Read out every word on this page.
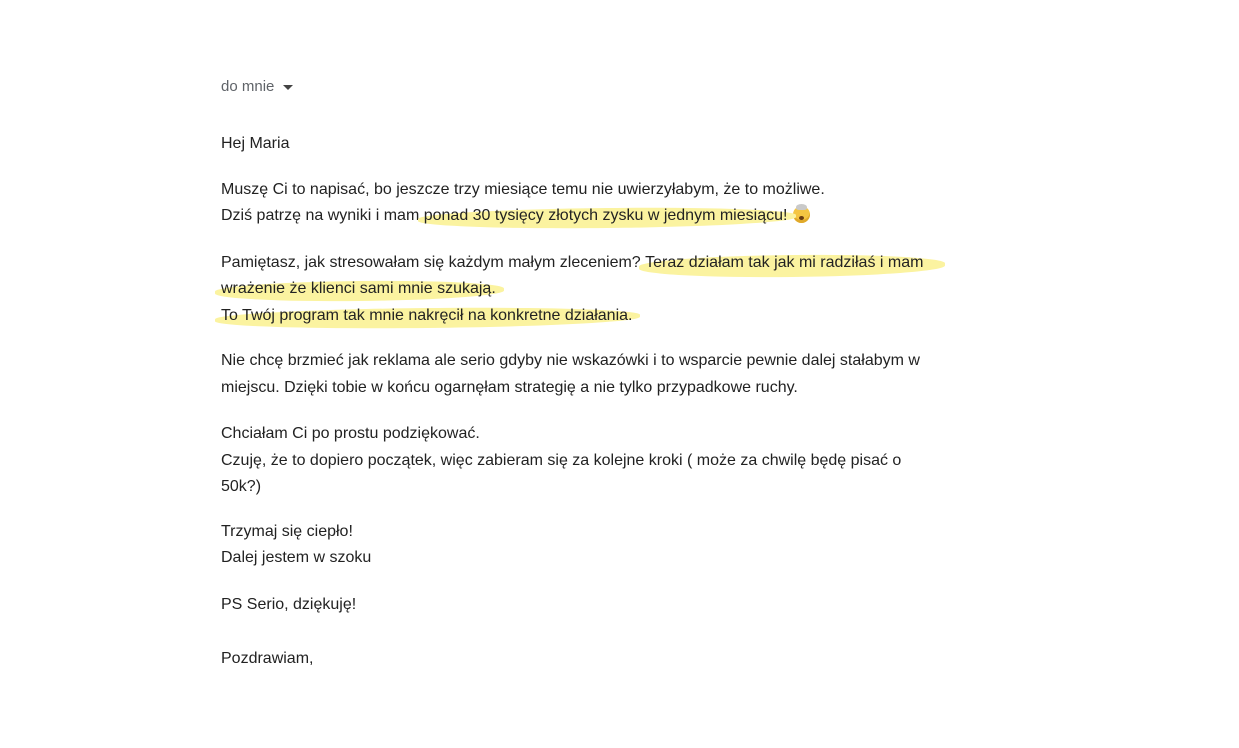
do mnie
Hej Maria
Muszę Ci to napisać, bo jeszcze trzy miesiące temu nie uwierzyłabym, że to możliwe.
Dziś patrzę na wyniki i mam ponad 30 tysięcy złotych zysku w jednym miesiącu!
Pamiętasz, jak stresowałam się każdym małym zleceniem? Teraz działam tak jak mi radziłaś i mam
wrażenie że klienci sami mnie szukają.
To Twój program tak mnie nakręcił na konkretne działania.
Nie chcę brzmieć jak reklama ale serio gdyby nie wskazówki i to wsparcie pewnie dalej stałabym w
miejscu. Dzięki tobie w końcu ogarnęłam strategię a nie tylko przypadkowe ruchy.
Chciałam Ci po prostu podziękować.
Czuję, że to dopiero początek, więc zabieram się za kolejne kroki ( może za chwilę będę pisać o
50k?)
Trzymaj się ciepło!
Dalej jestem w szoku
PS Serio, dziękuję!
Pozdrawiam,
